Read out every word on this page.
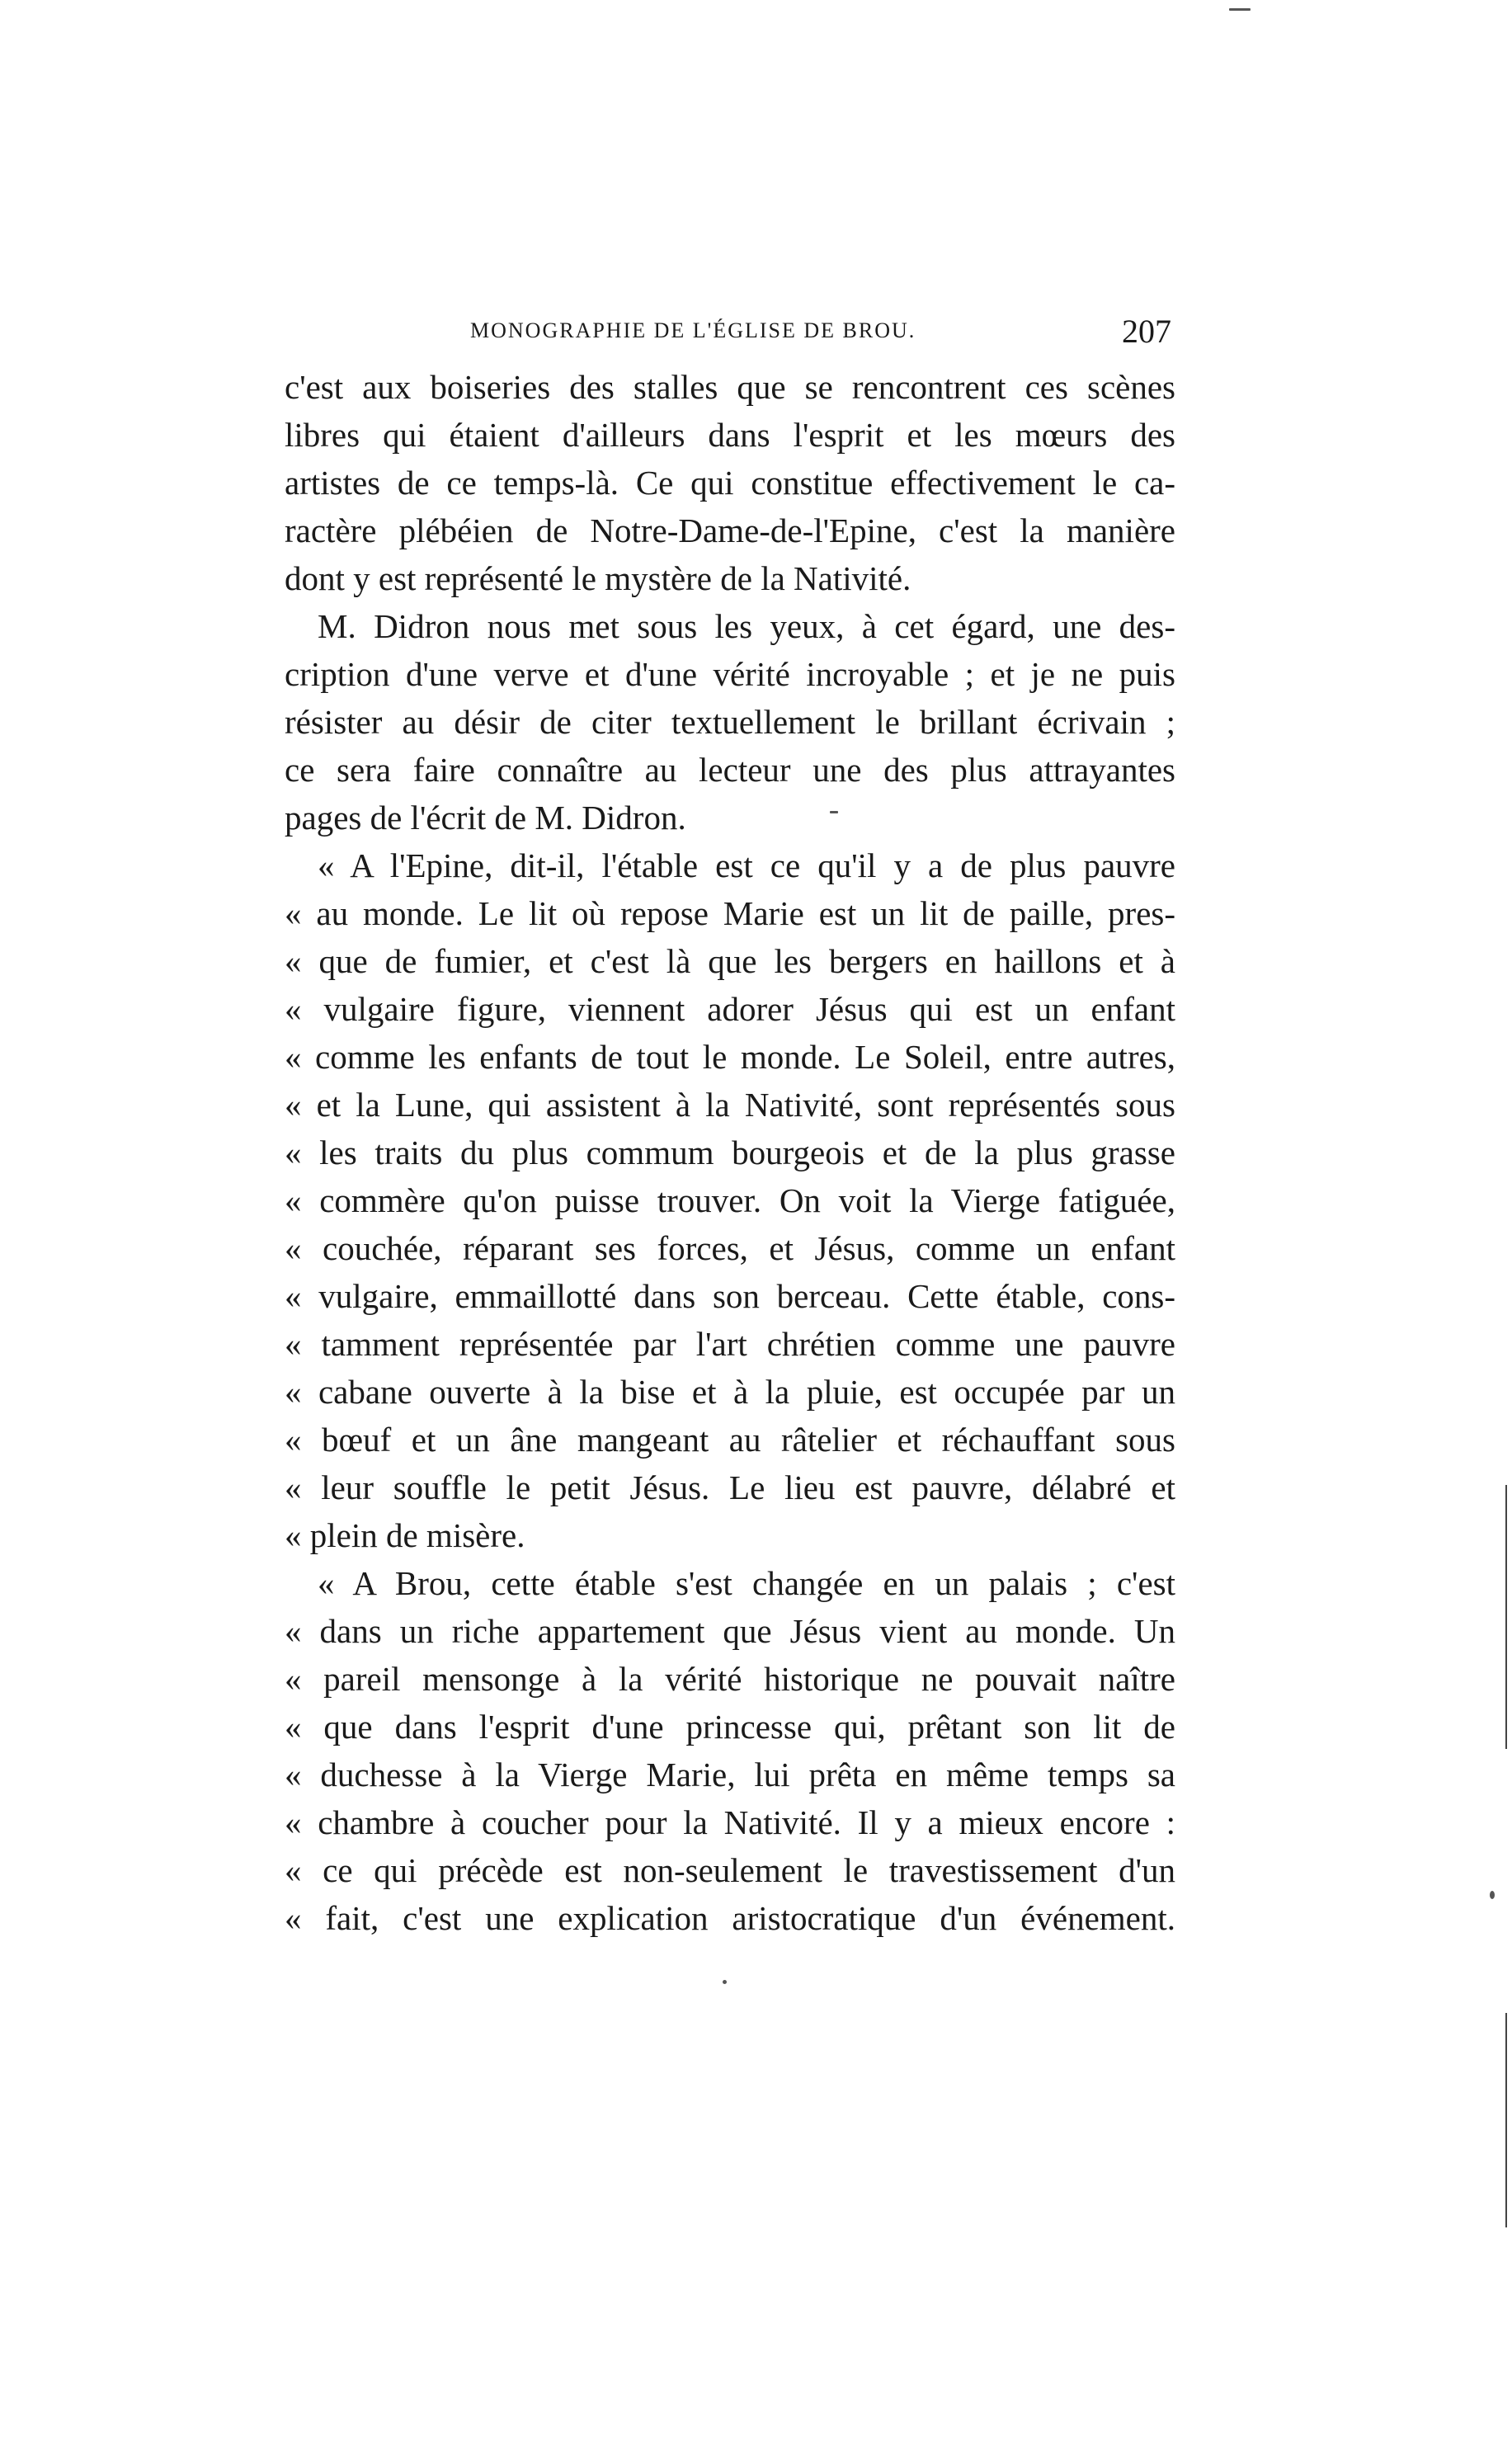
MONOGRAPHIE DE L'ÉGLISE DE BROU.	207
c'est aux boiseries des stalles que se rencontrent ces scènes
libres qui étaient d'ailleurs dans l'esprit et les mœurs des
artistes de ce temps-là. Ce qui constitue effectivement le ca-
ractère plébéien de Notre-Dame-de-l'Epine, c'est la manière
dont y est représenté le mystère de la Nativité.
M. Didron nous met sous les yeux, à cet égard, une des-
cription d'une verve et d'une vérité incroyable ; et je ne puis
résister au désir de citer textuellement le brillant écrivain ;
ce sera faire connaître au lecteur une des plus attrayantes
pages de l'écrit de M. Didron.
« A l'Epine, dit-il, l'étable est ce qu'il y a de plus pauvre
« au monde. Le lit où repose Marie est un lit de paille, pres-
« que de fumier, et c'est là que les bergers en haillons et à
« vulgaire figure, viennent adorer Jésus qui est un enfant
« comme les enfants de tout le monde. Le Soleil, entre autres,
« et la Lune, qui assistent à la Nativité, sont représentés sous
« les traits du plus commum bourgeois et de la plus grasse
« commère qu'on puisse trouver. On voit la Vierge fatiguée,
« couchée, réparant ses forces, et Jésus, comme un enfant
« vulgaire, emmaillotté dans son berceau. Cette étable, cons-
« tamment représentée par l'art chrétien comme une pauvre
« cabane ouverte à la bise et à la pluie, est occupée par un
« bœuf et un âne mangeant au râtelier et réchauffant sous
« leur souffle le petit Jésus. Le lieu est pauvre, délabré et
« plein de misère.
« A Brou, cette étable s'est changée en un palais ; c'est
« dans un riche appartement que Jésus vient au monde. Un
« pareil mensonge à la vérité historique ne pouvait naître
« que dans l'esprit d'une princesse qui, prêtant son lit de
« duchesse à la Vierge Marie, lui prêta en même temps sa
« chambre à coucher pour la Nativité. Il y a mieux encore :
« ce qui précède est non-seulement le travestissement d'un
« fait, c'est une explication aristocratique d'un événement.
